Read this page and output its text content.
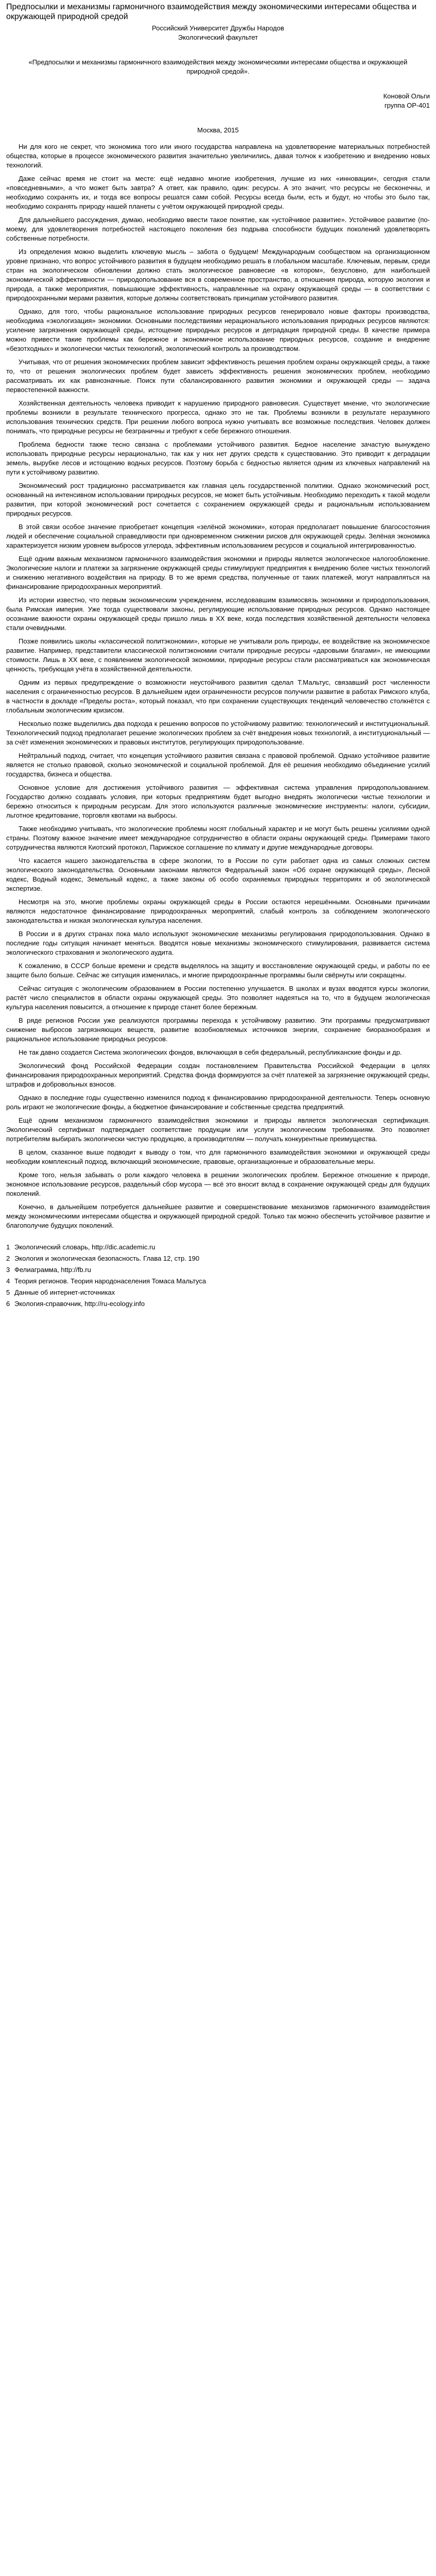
Предпосылки и механизмы гармоничного взаимодействия между экономическими интересами общества и окружающей природной средой

Российский Университет Дружбы Народов

Экологический факультет

«Предпосылки и механизмы гармоничного взаимодействия между экономическими интересами общества и окружающей природной средой».

Коновой Ольги

группа ОР-401

Москва, 2015

Ни для кого не секрет, что экономика того или иного государства направлена на удовлетворение материальных потребностей общества, которые в процессе экономического развития значительно увеличились, давая толчок к изобретению и внедрению новых технологий.

Даже сейчас время не стоит на месте: ещё недавно многие изобретения, лучшие из них «инновации», сегодня стали «повседневными», а что может быть завтра? А ответ, как правило, один: ресурсы. А это значит, что ресурсы не бесконечны, и необходимо сохранять их, и тогда все вопросы решатся сами собой. Ресурсы всегда были, есть и будут, но чтобы это было так, необходимо сохранять природу нашей планеты с учётом окружающей природной среды.

Для дальнейшего рассуждения, думаю, необходимо ввести такое понятие, как «устойчивое развитие». Устойчивое развитие (по-моему, для удовлетворения потребностей настоящего поколения без подрыва способности будущих поколений удовлетворять собственные потребности.

Из определения можно выделить ключевую мысль – забота о будущем! Международным сообществом на организационном уровне признано, что вопрос устойчивого развития в будущем необходимо решать в глобальном масштабе. Ключевым, первым, среди стран на экологическом обновлении должно стать экологическое равновесие «в котором», безусловно, для наибольшей экономической эффективности — природопользование вся в современное пространство, а отношения природа, которую экология и природа, а также мероприятия, повышающие эффективность, направленные на охрану окружающей среды — в соответствии с природоохранными мерами развития, которые должны соответствовать принципам устойчивого развития.

Однако, для того, чтобы рациональное использование природных ресурсов генерировало новые факторы производства, необходима «экологизация» экономики. Основными последствиями нерационального использования природных ресурсов являются: усиление загрязнения окружающей среды, истощение природных ресурсов и деградация природной среды. В качестве примера можно привести такие проблемы как бережное и экономичное использование природных ресурсов, создание и внедрение «безотходных» и экологически чистых технологий, экологический контроль за производством.

Учитывая, что от решения экономических проблем зависит эффективность решения проблем охраны окружающей среды, а также то, что от решения экологических проблем будет зависеть эффективность решения экономических проблем, необходимо рассматривать их как равнозначные. Поиск пути сбалансированного развития экономики и окружающей среды — задача первостепенной важности.

Хозяйственная деятельность человека приводит к нарушению природного равновесия. Существует мнение, что экологические проблемы возникли в результате технического прогресса, однако это не так. Проблемы возникли в результате неразумного использования технических средств. При решении любого вопроса нужно учитывать все возможные последствия. Человек должен понимать, что природные ресурсы не безграничны и требуют к себе бережного отношения.

Проблема бедности также тесно связана с проблемами устойчивого развития. Бедное население зачастую вынуждено использовать природные ресурсы нерационально, так как у них нет других средств к существованию. Это приводит к деградации земель, вырубке лесов и истощению водных ресурсов. Поэтому борьба с бедностью является одним из ключевых направлений на пути к устойчивому развитию.

Экономический рост традиционно рассматривается как главная цель государственной политики. Однако экономический рост, основанный на интенсивном использовании природных ресурсов, не может быть устойчивым. Необходимо переходить к такой модели развития, при которой экономический рост сочетается с сохранением окружающей среды и рациональным использованием природных ресурсов.

В этой связи особое значение приобретает концепция «зелёной экономики», которая предполагает повышение благосостояния людей и обеспечение социальной справедливости при одновременном снижении рисков для окружающей среды. Зелёная экономика характеризуется низким уровнем выбросов углерода, эффективным использованием ресурсов и социальной интегрированностью.

Ещё одним важным механизмом гармоничного взаимодействия экономики и природы является экологическое налогообложение. Экологические налоги и платежи за загрязнение окружающей среды стимулируют предприятия к внедрению более чистых технологий и снижению негативного воздействия на природу. В то же время средства, полученные от таких платежей, могут направляться на финансирование природоохранных мероприятий.

Из истории известно, что первым экономическим учреждением, исследовавшим взаимосвязь экономики и природопользования, была Римская империя. Уже тогда существовали законы, регулирующие использование природных ресурсов. Однако настоящее осознание важности охраны окружающей среды пришло лишь в XX веке, когда последствия хозяйственной деятельности человека стали очевидными.

Позже появились школы «классической политэкономии», которые не учитывали роль природы, ее воздействие на экономическое развитие. Например, представители классической политэкономии считали природные ресурсы «даровыми благами», не имеющими стоимости. Лишь в XX веке, с появлением экологической экономики, природные ресурсы стали рассматриваться как экономическая ценность, требующая учёта в хозяйственной деятельности.

Одним из первых предупреждение о возможности неустойчивого развития сделал Т.Мальтус, связавший рост численности населения с ограниченностью ресурсов. В дальнейшем идеи ограниченности ресурсов получили развитие в работах Римского клуба, в частности в докладе «Пределы роста», который показал, что при сохранении существующих тенденций человечество столкнётся с глобальным экологическим кризисом.

Несколько позже выделились два подхода к решению вопросов по устойчивому развитию: технологический и институциональный. Технологический подход предполагает решение экологических проблем за счёт внедрения новых технологий, а институциональный — за счёт изменения экономических и правовых институтов, регулирующих природопользование.

Нейтральный подход, считает, что концепция устойчивого развития связана с правовой проблемой. Однако устойчивое развитие является не столько правовой, сколько экономической и социальной проблемой. Для её решения необходимо объединение усилий государства, бизнеса и общества.

Основное условие для достижения устойчивого развития — эффективная система управления природопользованием. Государство должно создавать условия, при которых предприятиям будет выгодно внедрять экологически чистые технологии и бережно относиться к природным ресурсам. Для этого используются различные экономические инструменты: налоги, субсидии, льготное кредитование, торговля квотами на выбросы.

Также необходимо учитывать, что экологические проблемы носят глобальный характер и не могут быть решены усилиями одной страны. Поэтому важное значение имеет международное сотрудничество в области охраны окружающей среды. Примерами такого сотрудничества являются Киотский протокол, Парижское соглашение по климату и другие международные договоры.

Что касается нашего законодательства в сфере экологии, то в России по сути работает одна из самых сложных систем экологического законодательства. Основными законами являются Федеральный закон «Об охране окружающей среды», Лесной кодекс, Водный кодекс, Земельный кодекс, а также законы об особо охраняемых природных территориях и об экологической экспертизе.

Несмотря на это, многие проблемы охраны окружающей среды в России остаются нерешёнными. Основными причинами являются недостаточное финансирование природоохранных мероприятий, слабый контроль за соблюдением экологического законодательства и низкая экологическая культура населения.

В России и в других странах пока мало используют экономические механизмы регулирования природопользования. Однако в последние годы ситуация начинает меняться. Вводятся новые механизмы экономического стимулирования, развивается система экологического страхования и экологического аудита.

К сожалению, в СССР больше времени и средств выделялось на защиту и восстановление окружающей среды, и работы по ее защите было больше. Сейчас же ситуация изменилась, и многие природоохранные программы были свёрнуты или сокращены.

Сейчас ситуация с экологическим образованием в России постепенно улучшается. В школах и вузах вводятся курсы экологии, растёт число специалистов в области охраны окружающей среды. Это позволяет надеяться на то, что в будущем экологическая культура населения повысится, а отношение к природе станет более бережным.

В ряде регионов России уже реализуются программы перехода к устойчивому развитию. Эти программы предусматривают снижение выбросов загрязняющих веществ, развитие возобновляемых источников энергии, сохранение биоразнообразия и рациональное использование природных ресурсов.

Не так давно создается Система экологических фондов, включающая в себя федеральный, республиканские фонды и др.

Экологический фонд Российской Федерации создан постановлением Правительства Российской Федерации в целях финансирования природоохранных мероприятий. Средства фонда формируются за счёт платежей за загрязнение окружающей среды, штрафов и добровольных взносов.

Однако в последние годы существенно изменился подход к финансированию природоохранной деятельности. Теперь основную роль играют не экологические фонды, а бюджетное финансирование и собственные средства предприятий.

Ещё одним механизмом гармоничного взаимодействия экономики и природы является экологическая сертификация. Экологический сертификат подтверждает соответствие продукции или услуги экологическим требованиям. Это позволяет потребителям выбирать экологически чистую продукцию, а производителям — получать конкурентные преимущества.

В целом, сказанное выше подводит к выводу о том, что для гармоничного взаимодействия экономики и окружающей среды необходим комплексный подход, включающий экономические, правовые, организационные и образовательные меры.

Кроме того, нельзя забывать о роли каждого человека в решении экологических проблем. Бережное отношение к природе, экономное использование ресурсов, раздельный сбор мусора — всё это вносит вклад в сохранение окружающей среды для будущих поколений.

Конечно, в дальнейшем потребуется дальнейшее развитие и совершенствование механизмов гармоничного взаимодействия между экономическими интересами общества и окружающей природной средой. Только так можно обеспечить устойчивое развитие и благополучие будущих поколений.

1 Экологический словарь, http://dic.academic.ru
2 Экология и экологическая безопасность. Глава 12, стр. 190
3 Фелиаграмма, http://fb.ru
4 Теория регионов. Теория народонаселения Томаса Мальтуса
5 Данные об интернет-источниках
6 Экология-справочник, http://ru-ecology.info
